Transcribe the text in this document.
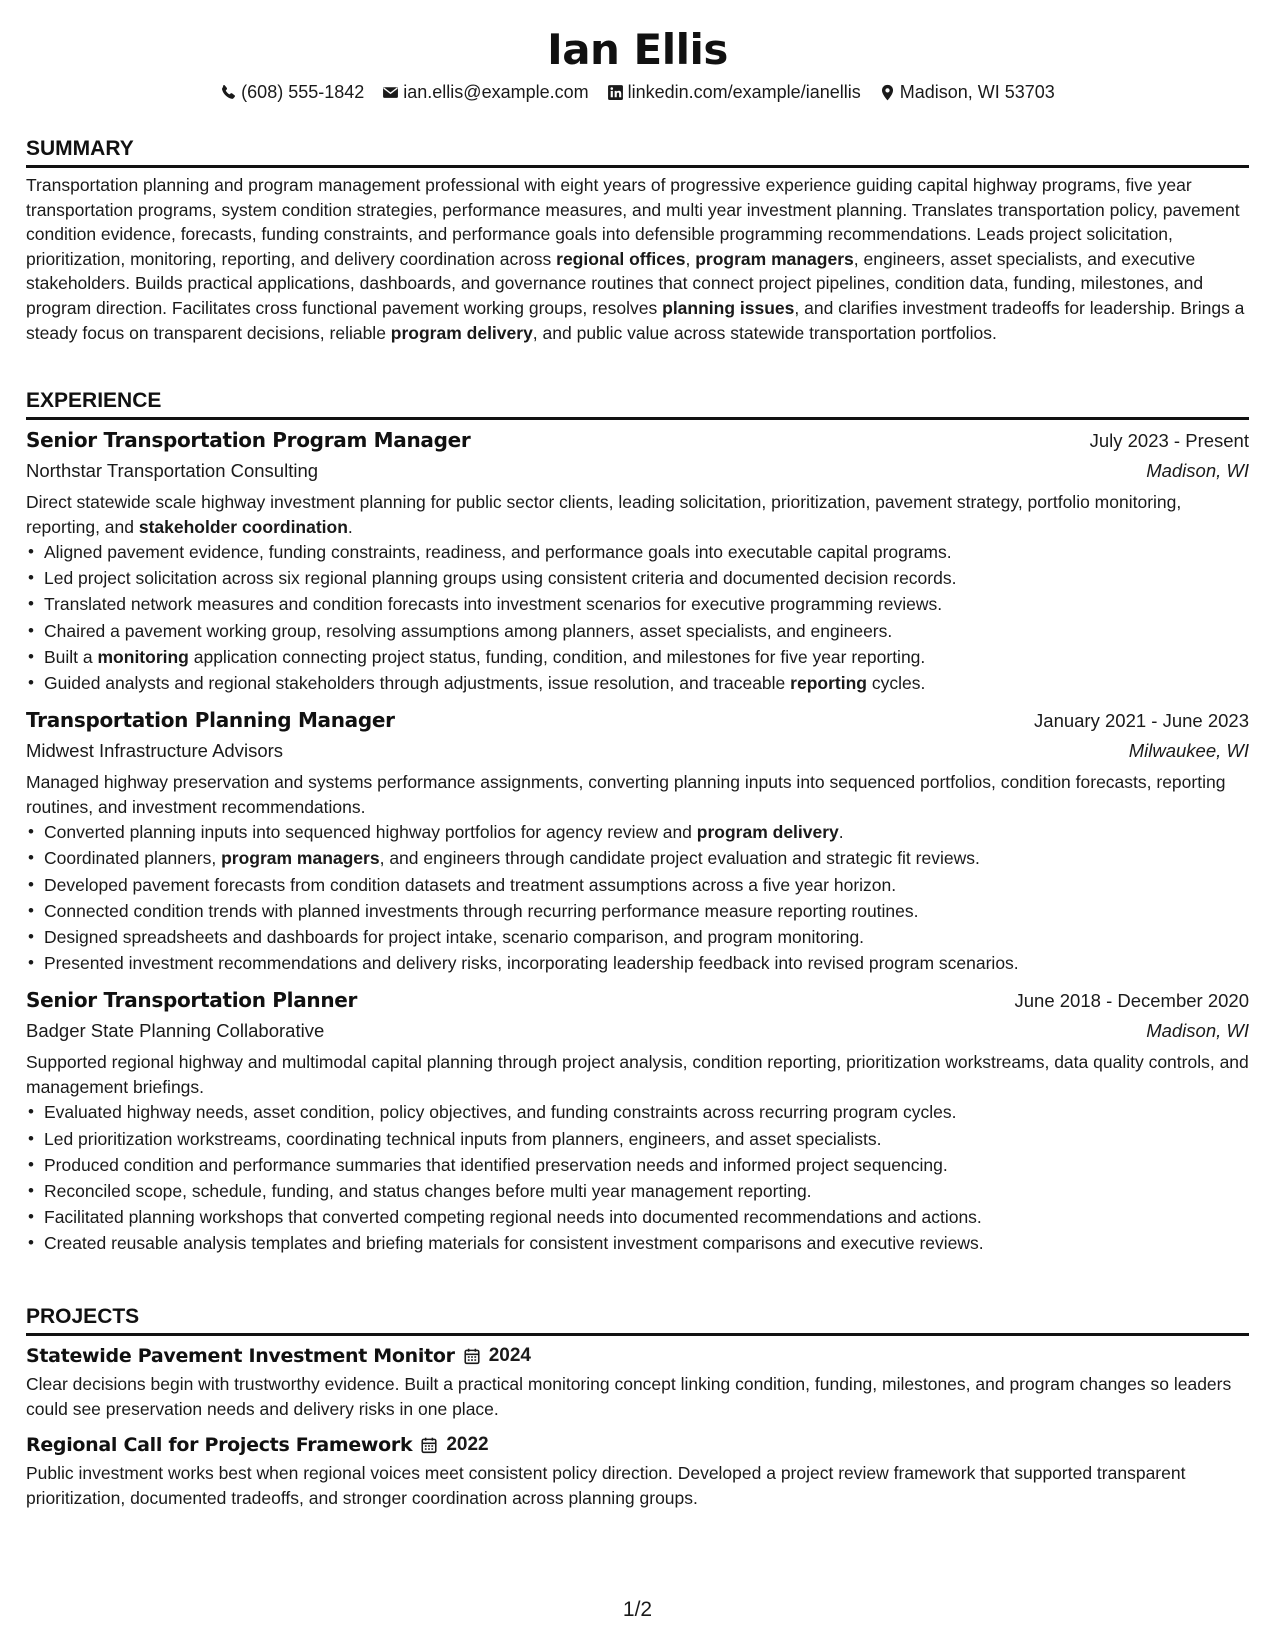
Ian Ellis
(608) 555-1842 ian.ellis@example.com linkedin.com/example/ianellis Madison, WI 53703
SUMMARY
Transportation planning and program management professional with eight years of progressive experience guiding capital highway programs, five year transportation programs, system condition strategies, performance measures, and multi year investment planning. Translates transportation policy, pavement condition evidence, forecasts, funding constraints, and performance goals into defensible programming recommendations. Leads project solicitation, prioritization, monitoring, reporting, and delivery coordination across regional offices, program managers, engineers, asset specialists, and executive stakeholders. Builds practical applications, dashboards, and governance routines that connect project pipelines, condition data, funding, milestones, and program direction. Facilitates cross functional pavement working groups, resolves planning issues, and clarifies investment tradeoffs for leadership. Brings a steady focus on transparent decisions, reliable program delivery, and public value across statewide transportation portfolios.
EXPERIENCE
Senior Transportation Program Manager	July 2023 - Present
Northstar Transportation Consulting	Madison, WI
Direct statewide scale highway investment planning for public sector clients, leading solicitation, prioritization, pavement strategy, portfolio monitoring, reporting, and stakeholder coordination.
• Aligned pavement evidence, funding constraints, readiness, and performance goals into executable capital programs.
• Led project solicitation across six regional planning groups using consistent criteria and documented decision records.
• Translated network measures and condition forecasts into investment scenarios for executive programming reviews.
• Chaired a pavement working group, resolving assumptions among planners, asset specialists, and engineers.
• Built a monitoring application connecting project status, funding, condition, and milestones for five year reporting.
• Guided analysts and regional stakeholders through adjustments, issue resolution, and traceable reporting cycles.
Transportation Planning Manager	January 2021 - June 2023
Midwest Infrastructure Advisors	Milwaukee, WI
Managed highway preservation and systems performance assignments, converting planning inputs into sequenced portfolios, condition forecasts, reporting routines, and investment recommendations.
• Converted planning inputs into sequenced highway portfolios for agency review and program delivery.
• Coordinated planners, program managers, and engineers through candidate project evaluation and strategic fit reviews.
• Developed pavement forecasts from condition datasets and treatment assumptions across a five year horizon.
• Connected condition trends with planned investments through recurring performance measure reporting routines.
• Designed spreadsheets and dashboards for project intake, scenario comparison, and program monitoring.
• Presented investment recommendations and delivery risks, incorporating leadership feedback into revised program scenarios.
Senior Transportation Planner	June 2018 - December 2020
Badger State Planning Collaborative	Madison, WI
Supported regional highway and multimodal capital planning through project analysis, condition reporting, prioritization workstreams, data quality controls, and management briefings.
• Evaluated highway needs, asset condition, policy objectives, and funding constraints across recurring program cycles.
• Led prioritization workstreams, coordinating technical inputs from planners, engineers, and asset specialists.
• Produced condition and performance summaries that identified preservation needs and informed project sequencing.
• Reconciled scope, schedule, funding, and status changes before multi year management reporting.
• Facilitated planning workshops that converted competing regional needs into documented recommendations and actions.
• Created reusable analysis templates and briefing materials for consistent investment comparisons and executive reviews.
PROJECTS
Statewide Pavement Investment Monitor 2024
Clear decisions begin with trustworthy evidence. Built a practical monitoring concept linking condition, funding, milestones, and program changes so leaders could see preservation needs and delivery risks in one place.
Regional Call for Projects Framework 2022
Public investment works best when regional voices meet consistent policy direction. Developed a project review framework that supported transparent prioritization, documented tradeoffs, and stronger coordination across planning groups.
1/2
